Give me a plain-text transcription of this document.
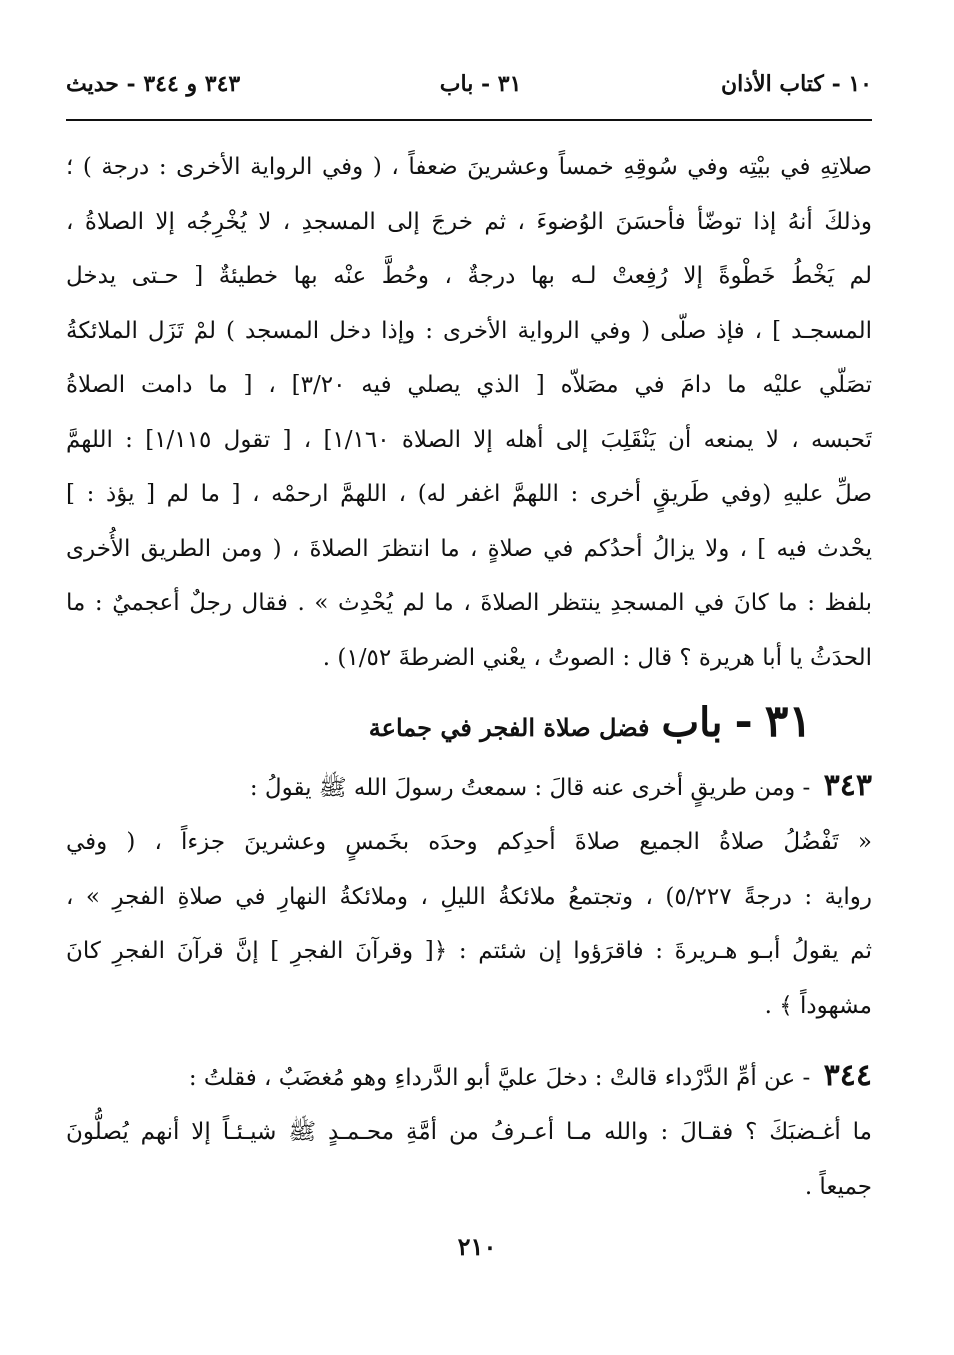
١٠ - كتاب الأذان
٣١ - باب
٣٤٣ و ٣٤٤ - حديث
صلاتِهِ في بيْتِه وفي سُوقِهِ خمساً وعشرينَ ضعفاً ، ( وفي الرواية الأخرى : درجة ) ؛
وذلكَ أنهُ إذا توضّأ فأحسَنَ الوُضوءَ ، ثم خرجَ إلى المسجدِ ، لا يُخْرِجُه إلا الصلاةُ ،
لم يَخْطُ خَطْوةً إلا رُفِعتْ لـه بها درجةٌ ، وحُطَّ عنْه بها خطيئةٌ [ حـتى يدخل
المسجـد ] ، فإذ صلّى ( وفي الرواية الأخرى : وإذا دخل المسجد ) لمْ تَزَل الملائكةُ
تصَلّي عليْه ما دامَ في مصَلاّه [ الذي يصلي فيه ٣/٢٠] ، [ ما دامت الصلاةُ
تَحبسه ، لا يمنعه أن يَنْقَلِبَ إلى أهله إلا الصلاة ١/١٦٠] ، [ تقول ١/١١٥] : اللهمَّ
صلِّ عليهِ (وفي طَريقٍ أخرى : اللهمَّ اغفر له) ، اللهمَّ ارحمْه ، [ ما لم [ يؤذ : ]
يحْدث فيه ] ، ولا يزالُ أحدُكم في صلاةٍ ، ما انتظرَ الصلاةَ ، ( ومن الطريق الأُخرى
بلفظ : ما كانَ في المسجدِ ينتظر الصلاةَ ، ما لم يُحْدِث » . فقال رجلٌ أعجميٌ : ما
الحدَثُ يا أبا هريرة ؟ قال : الصوتُ ، يعْني الضرطةَ ١/٥٢) .
٣١
-
باب
فضل صلاة الفجر في جماعة
٣٤٣ - ومن طريقٍ أخرى عنه قالَ : سمعتُ رسولَ الله ﷺ يقولُ :
« تَفْضُلُ صلاةُ الجميع صلاةَ أحدِكم وحدَه بخَمسٍ وعشرينَ جزءاً ، ( وفي
رواية : درجةً ٥/٢٢٧) ، وتجتمعُ ملائكةُ الليلِ ، وملائكةُ النهارِ في صلاةِ الفجرِ » ،
ثم يقولُ أبـو هـريرةَ : فاقرَؤوا إن شئتم : ﴿[ وقرآنَ الفجرِ ] إنَّ قرآنَ الفجرِ كانَ
مشهوداً ﴾ .
٣٤٤ - عن أمِّ الدَّرْداء قالتْ : دخلَ عليَّ أبو الدَّرداءِ وهو مُغضَبٌ ، فقلتُ :
ما أغـضبَكَ ؟ فقـالَ : والله مـا أعـرفُ من أمَّةِ محـمـدٍ ﷺ شيـئـاً إلا أنهم يُصلُّونَ
جميعاً .
٢١٠
